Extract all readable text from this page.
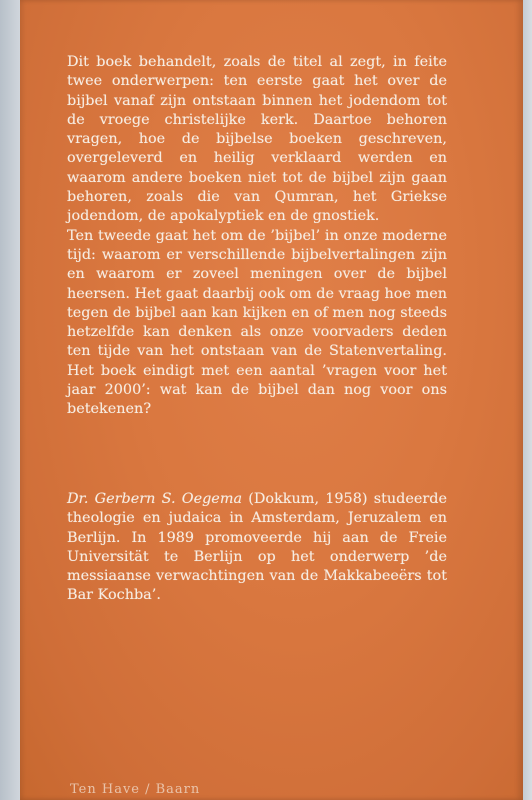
Dit boek behandelt, zoals de titel al zegt, in feite twee onderwerpen: ten eerste gaat het over de bijbel vanaf zijn ontstaan binnen het jodendom tot de vroege christelijke kerk. Daartoe behoren vragen, hoe de bijbelse boeken geschreven, overgeleverd en heilig verklaard werden en waarom andere boeken niet tot de bijbel zijn gaan behoren, zoals die van Qumran, het Griekse jodendom, de apokalyptiek en de gnostiek.

Ten tweede gaat het om de ’bijbel’ in onze moderne tijd: waarom er verschillende bijbelvertalingen zijn en waarom er zoveel meningen over de bijbel heersen. Het gaat daarbij ook om de vraag hoe men tegen de bijbel aan kan kijken en of men nog steeds hetzelfde kan denken als onze voorvaders deden ten tijde van het ontstaan van de Statenvertaling. Het boek eindigt met een aantal ’vragen voor het jaar 2000’: wat kan de bijbel dan nog voor ons betekenen?

Dr. Gerbern S. Oegema (Dokkum, 1958) studeerde theologie en judaica in Amsterdam, Jeruzalem en Berlijn. In 1989 promoveerde hij aan de Freie Universität te Berlijn op het onderwerp ’de messiaanse verwachtingen van de Makkabeeërs tot Bar Kochba’.
Ten Have / Baarn
